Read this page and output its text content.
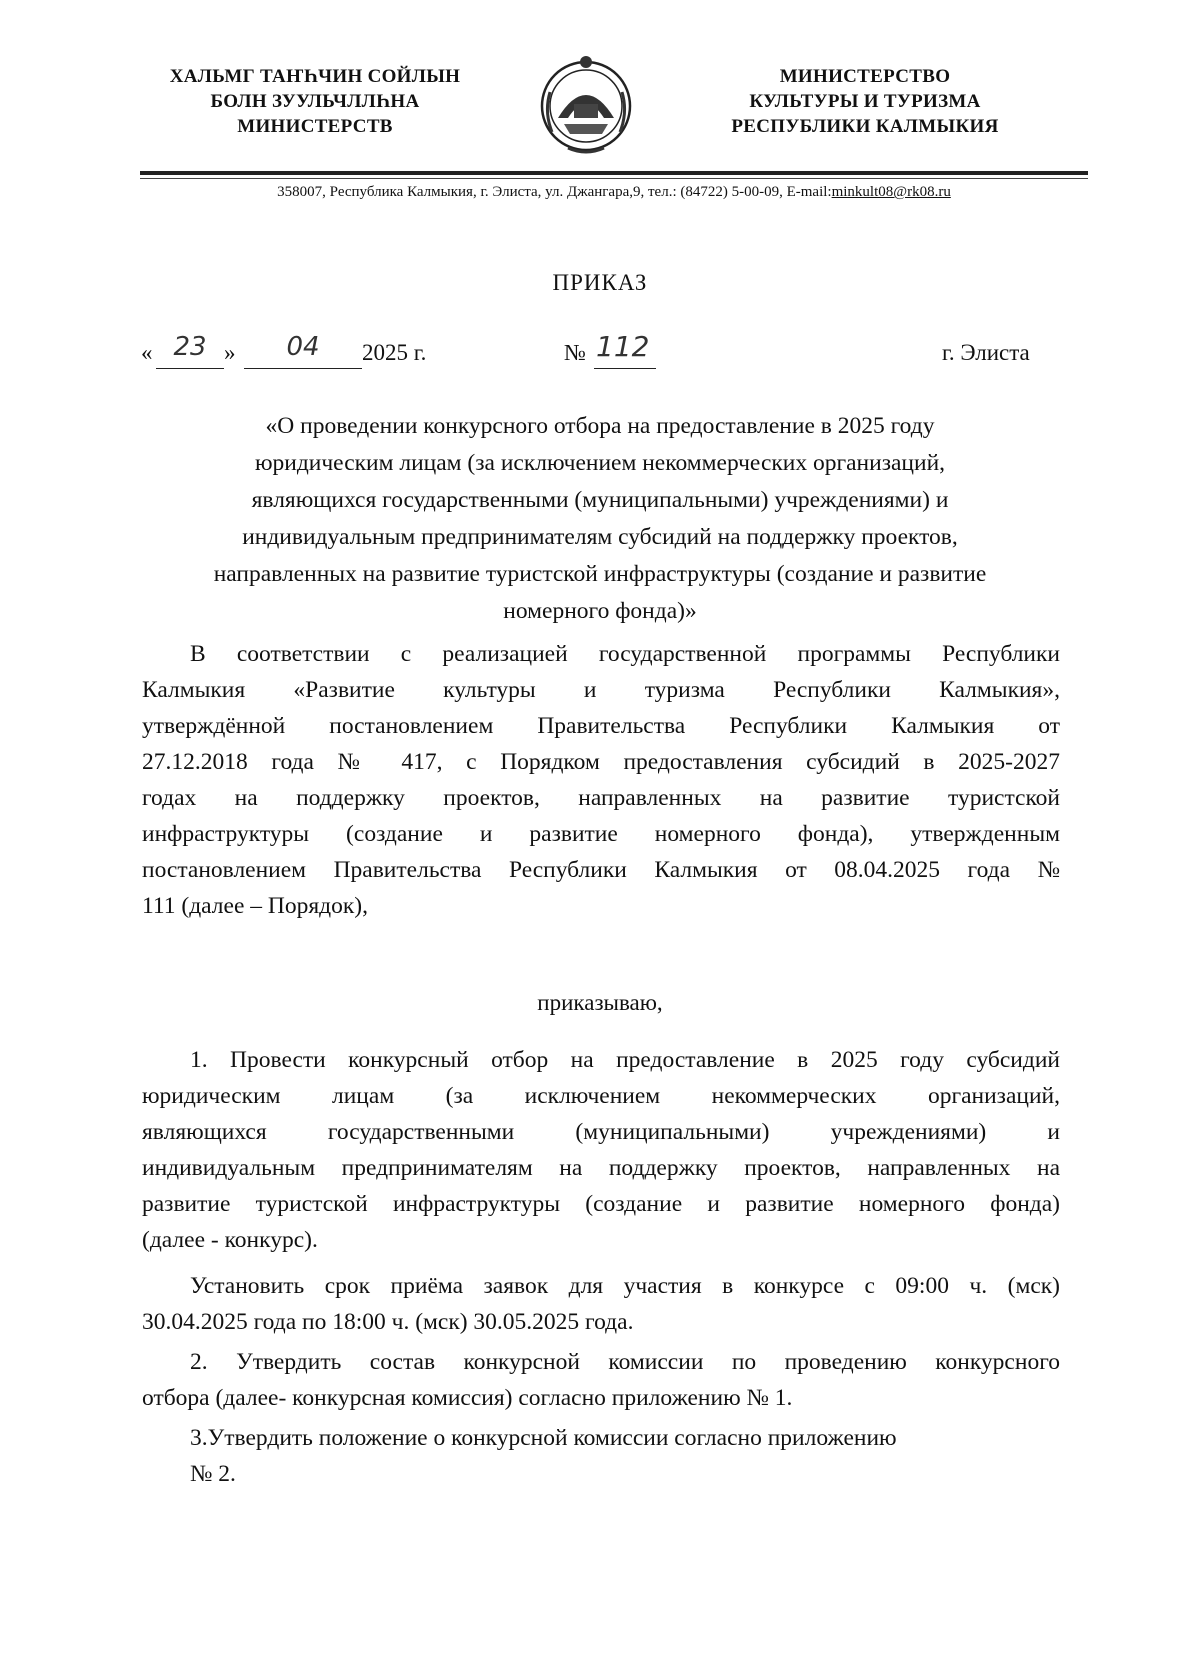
ХАЛЬМГ ТАҤҺЧИН СОЙЛЫН
БОЛН ЗУУЛЬЧЛЛҺНА
МИНИСТЕРСТВ
МИНИСТЕРСТВО
КУЛЬТУРЫ И ТУРИЗМА
РЕСПУБЛИКИ КАЛМЫКИЯ
358007, Республика Калмыкия, г. Элиста, ул. Джангара,9, тел.: (84722) 5-00-09, E-mail:minkult08@rk08.ru
ПРИКАЗ
« 23 »	04	2025 г.	№ 112	г. Элиста
«О проведении конкурсного отбора на предоставление в 2025 году
юридическим лицам (за исключением некоммерческих организаций,
являющихся государственными (муниципальными) учреждениями) и
индивидуальным предпринимателям субсидий на поддержку проектов,
направленных на развитие туристской инфраструктуры (создание и развитие
номерного фонда)»
В соответствии с реализацией государственной программы Республики
Калмыкия «Развитие культуры и туризма Республики Калмыкия»,
утверждённой постановлением Правительства Республики Калмыкия от
27.12.2018 года № 417, с Порядком предоставления субсидий в 2025-2027
годах на поддержку проектов, направленных на развитие туристской
инфраструктуры (создание и развитие номерного фонда), утвержденным
постановлением Правительства Республики Калмыкия от 08.04.2025 года №
111 (далее – Порядок),
приказываю,
1. Провести конкурсный отбор на предоставление в 2025 году субсидий
юридическим лицам (за исключением некоммерческих организаций,
являющихся государственными (муниципальными) учреждениями) и
индивидуальным предпринимателям на поддержку проектов, направленных на
развитие туристской инфраструктуры (создание и развитие номерного фонда)
(далее - конкурс).
Установить срок приёма заявок для участия в конкурсе с 09:00 ч. (мск)
30.04.2025 года по 18:00 ч. (мск) 30.05.2025 года.
2. Утвердить состав конкурсной комиссии по проведению конкурсного
отбора (далее- конкурсная комиссия) согласно приложению № 1.
3.Утвердить положение о конкурсной комиссии согласно приложению
№ 2.
